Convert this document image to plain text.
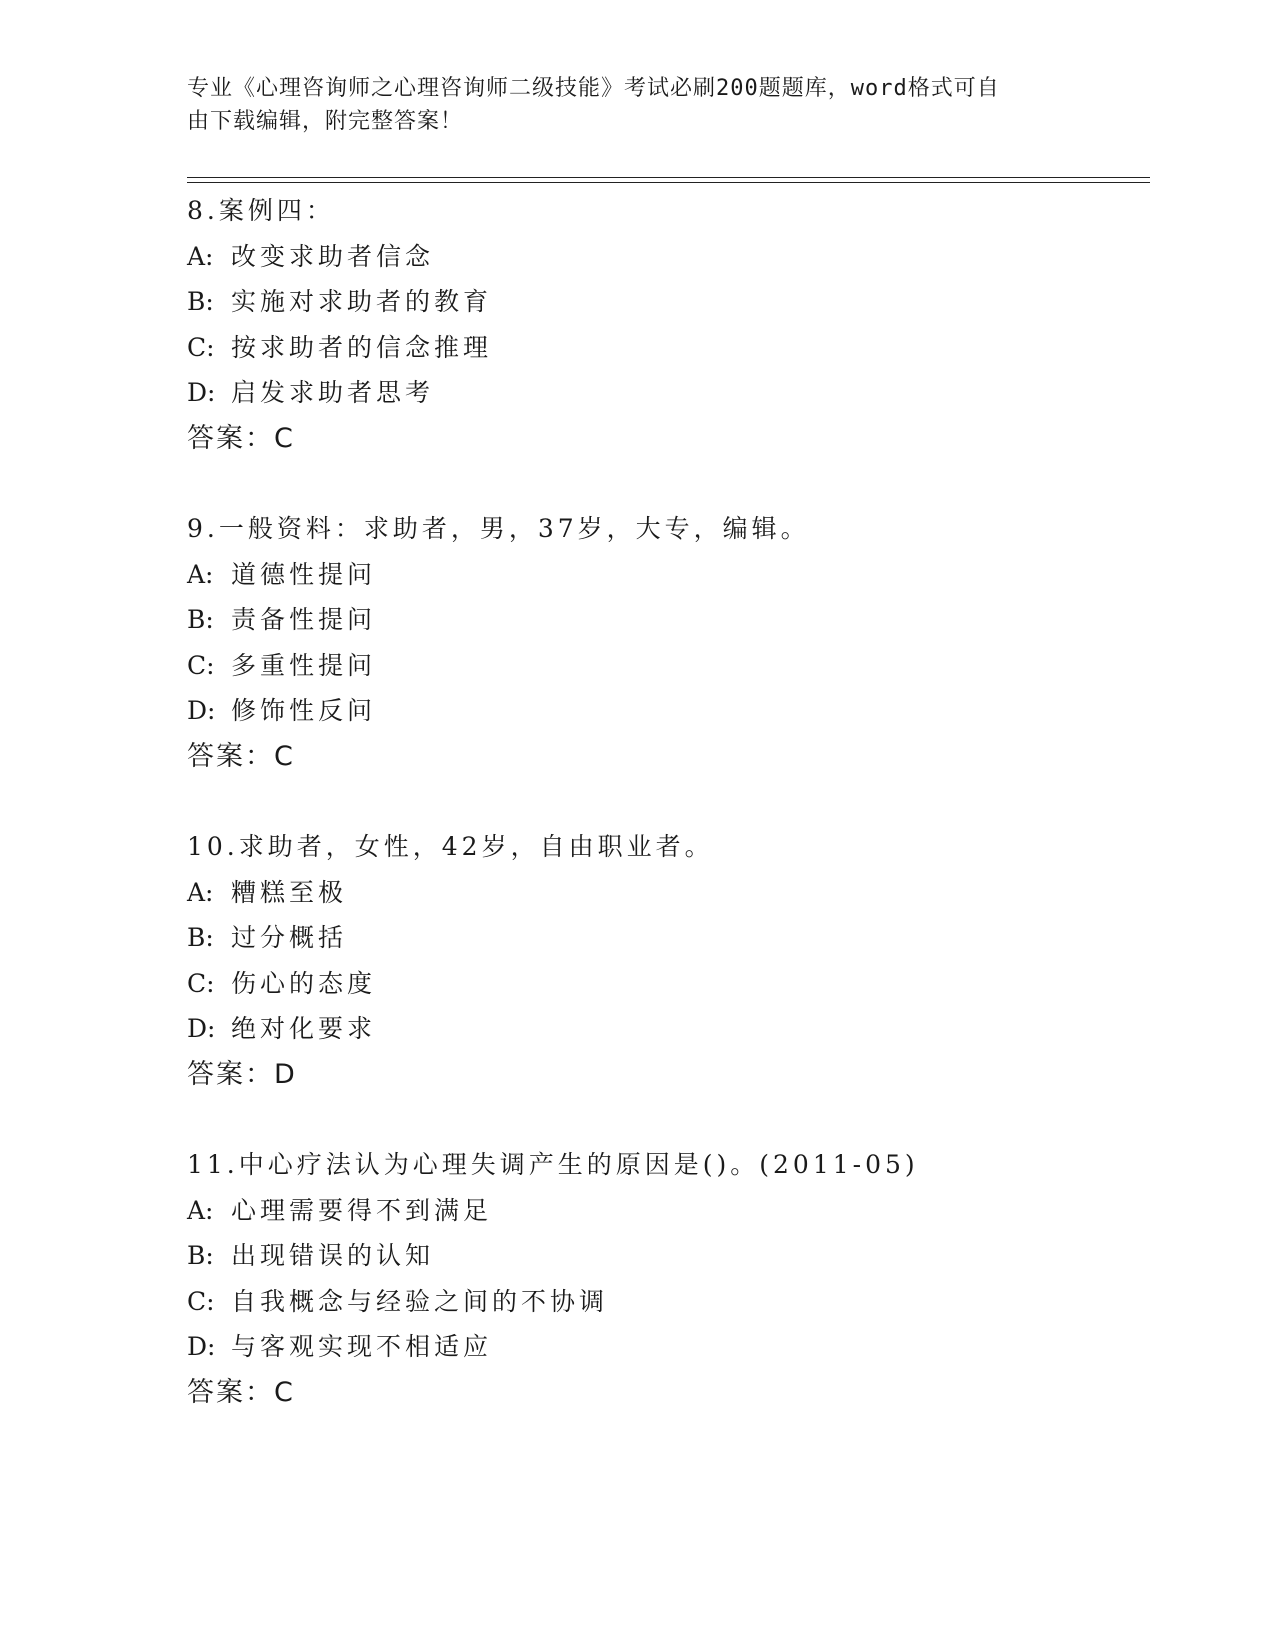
专业《心理咨询师之心理咨询师二级技能》考试必刷200题题库，word格式可自
由下载编辑，附完整答案！
8.案例四：
A: 改变求助者信念
B: 实施对求助者的教育
C: 按求助者的信念推理
D: 启发求助者思考
答案：C
9.一般资料：求助者，男，37岁，大专，编辑。
A: 道德性提问
B: 责备性提问
C: 多重性提问
D: 修饰性反问
答案：C
10.求助者，女性，42岁，自由职业者。
A: 糟糕至极
B: 过分概括
C: 伤心的态度
D: 绝对化要求
答案：D
11.中心疗法认为心理失调产生的原因是()。(2011-05)
A: 心理需要得不到满足
B: 出现错误的认知
C: 自我概念与经验之间的不协调
D: 与客观实现不相适应
答案：C
